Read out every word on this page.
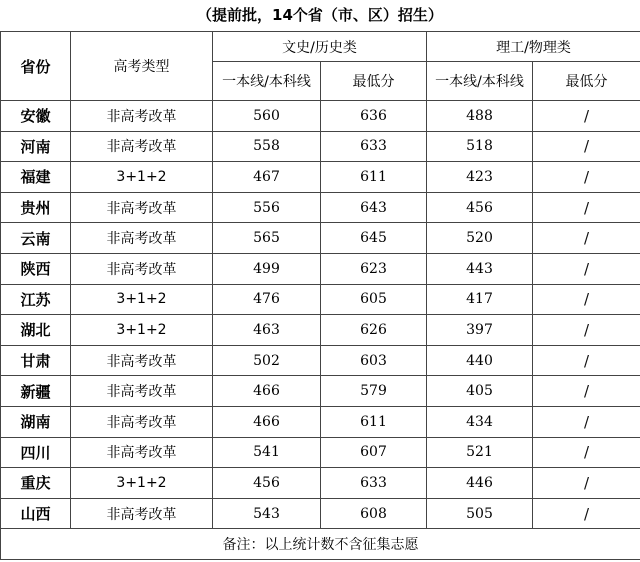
（提前批，14个省（市、区）招生）
省份	高考类型	文史/历史类		理工/物理类	
		一本线/本科线	最低分	一本线/本科线	最低分
安徽	非高考改革	560	636	488	/
河南	非高考改革	558	633	518	/
福建	3+1+2	467	611	423	/
贵州	非高考改革	556	643	456	/
云南	非高考改革	565	645	520	/
陕西	非高考改革	499	623	443	/
江苏	3+1+2	476	605	417	/
湖北	3+1+2	463	626	397	/
甘肃	非高考改革	502	603	440	/
新疆	非高考改革	466	579	405	/
湖南	非高考改革	466	611	434	/
四川	非高考改革	541	607	521	/
重庆	3+1+2	456	633	446	/
山西	非高考改革	543	608	505	/
备注：以上统计数不含征集志愿					
